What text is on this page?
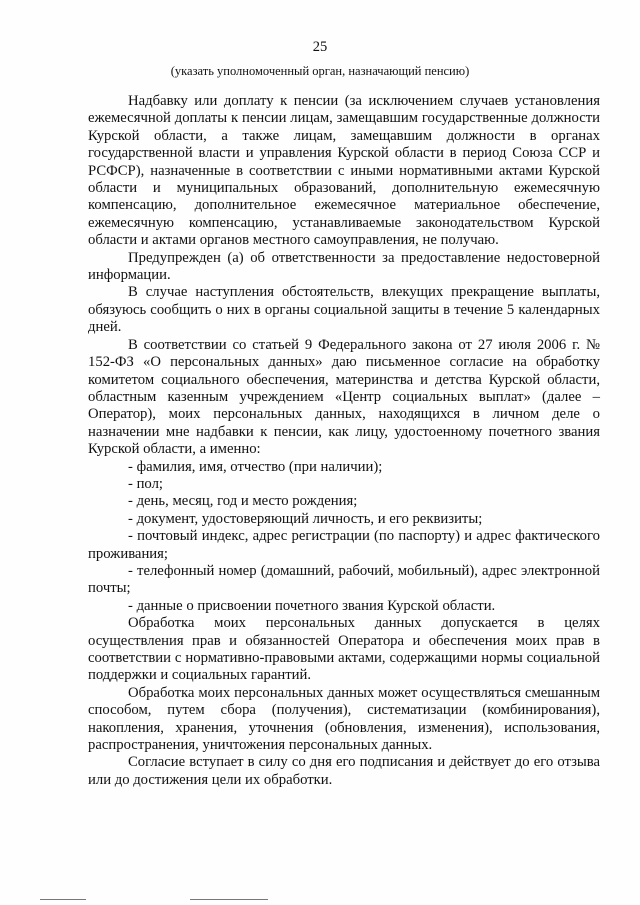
25
(указать уполномоченный орган, назначающий пенсию)

Надбавку или доплату к пенсии (за исключением случаев установления ежемесячной доплаты к пенсии лицам, замещавшим государственные должности Курской области, а также лицам, замещавшим должности в органах государственной власти и управления Курской области в период Союза ССР и РСФСР), назначенные в соответствии с иными нормативными актами Курской области и муниципальных образований, дополнительную ежемесячную компенсацию, дополнительное ежемесячное материальное обеспечение, ежемесячную компенсацию, устанавливаемые законодательством Курской области и актами органов местного самоуправления, не получаю.

Предупрежден (а) об ответственности за предоставление недостоверной информации.

В случае наступления обстоятельств, влекущих прекращение выплаты, обязуюсь сообщить о них в органы социальной защиты в течение 5 календарных дней.

В соответствии со статьей 9 Федерального закона от 27 июля 2006 г. № 152-ФЗ «О персональных данных» даю письменное согласие на обработку комитетом социального обеспечения, материнства и детства Курской области, областным казенным учреждением «Центр социальных выплат» (далее – Оператор), моих персональных данных, находящихся в личном деле о назначении мне надбавки к пенсии, как лицу, удостоенному почетного звания Курской области, а именно:

- фамилия, имя, отчество (при наличии);

- пол;

- день, месяц, год и место рождения;

- документ, удостоверяющий личность, и его реквизиты;

- почтовый индекс, адрес регистрации (по паспорту) и адрес фактического проживания;

- телефонный номер (домашний, рабочий, мобильный), адрес электронной почты;

- данные о присвоении почетного звания Курской области.

Обработка моих персональных данных допускается в целях осуществления прав и обязанностей Оператора и обеспечения моих прав в соответствии с нормативно-правовыми актами, содержащими нормы социальной поддержки и социальных гарантий.

Обработка моих персональных данных может осуществляться смешанным способом, путем сбора (получения), систематизации (комбинирования), накопления, хранения, уточнения (обновления, изменения), использования, распространения, уничтожения персональных данных.

Согласие вступает в силу со дня его подписания и действует до его отзыва или до достижения цели их обработки.
